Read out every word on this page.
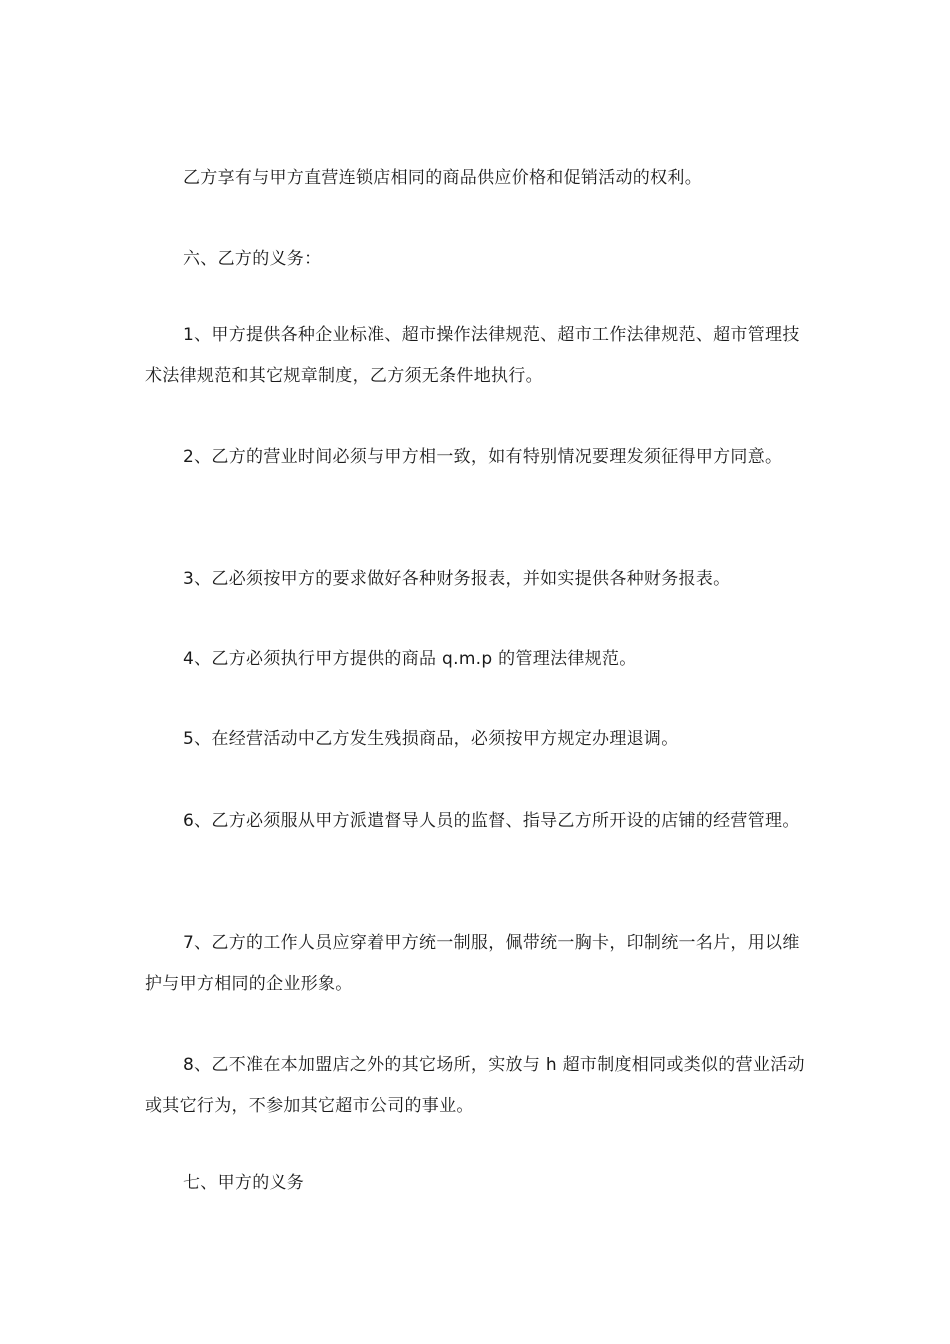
乙方享有与甲方直营连锁店相同的商品供应价格和促销活动的权利。

六、乙方的义务：

1、甲方提供各种企业标准、超市操作法律规范、超市工作法律规范、超市管理技术法律规范和其它规章制度，乙方须无条件地执行。

2、乙方的营业时间必须与甲方相一致，如有特别情况要理发须征得甲方同意。

3、乙必须按甲方的要求做好各种财务报表，并如实提供各种财务报表。

4、乙方必须执行甲方提供的商品 q.m.p 的管理法律规范。

5、在经营活动中乙方发生残损商品，必须按甲方规定办理退调。

6、乙方必须服从甲方派遣督导人员的监督、指导乙方所开设的店铺的经营管理。

7、乙方的工作人员应穿着甲方统一制服，佩带统一胸卡，印制统一名片，用以维护与甲方相同的企业形象。

8、乙不准在本加盟店之外的其它场所，实放与 h 超市制度相同或类似的营业活动或其它行为，不参加其它超市公司的事业。

七、甲方的义务
